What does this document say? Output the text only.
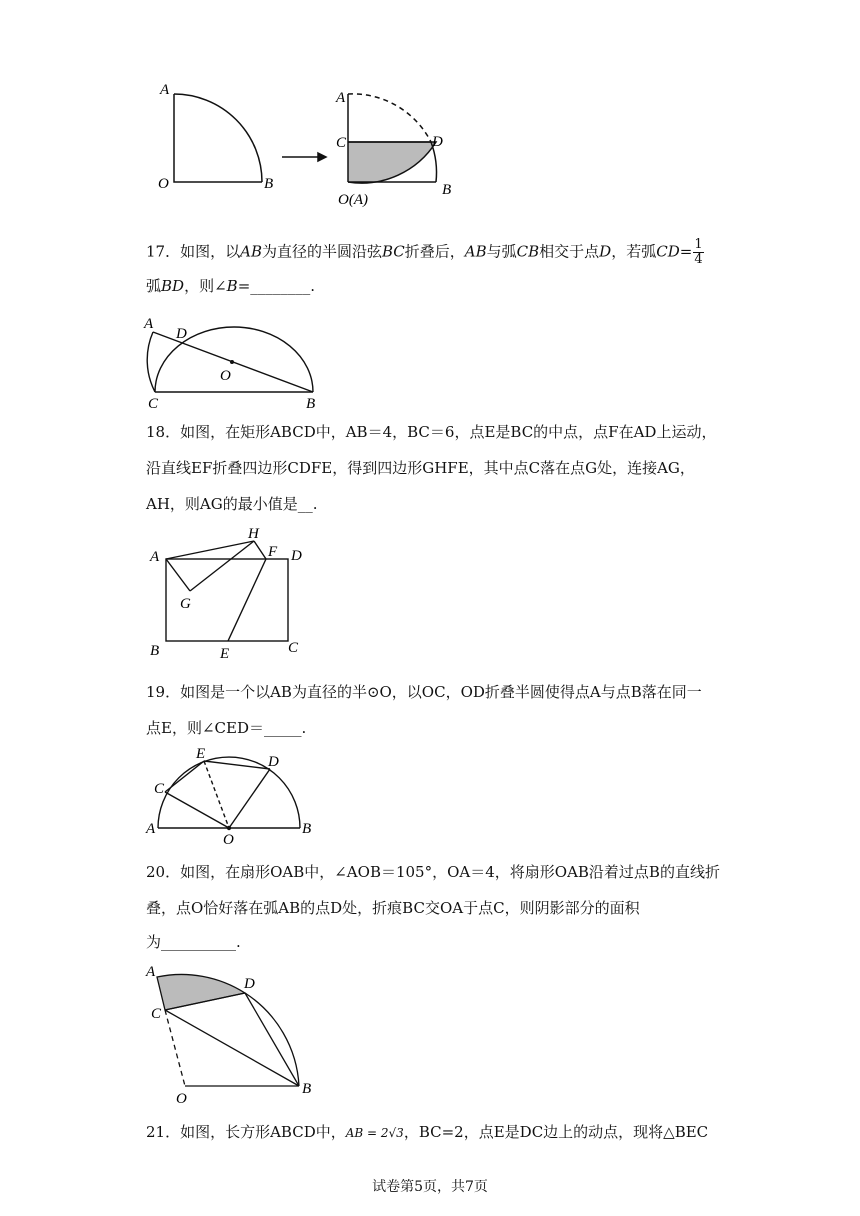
A
O	B
A
C	D
O(A)
B
17．如图，以AB为直径的半圆沿弦BC折叠后，AB与弧CB相交于点D，若弧$CD= \frac{1}{4}$
弧BD，则∠B=________.
A
D
O
C	B
18．如图，在矩形ABCD中，AB＝4，BC＝6，点E是BC的中点，点F在AD上运动，
沿直线EF折叠四边形CDFE，得到四边形GHFE，其中点C落在点G处，连接AG，
AH，则AG的最小值是__.
H
A	F D
G
B	E	C
19．如图是一个以AB为直径的半⊙O，以OC，OD折叠半圆使得点A与点B落在同一
点E，则∠CED＝_____.
E	D
C
A
O
B
20．如图，在扇形OAB中，∠AOB＝105°，OA＝4，将扇形OAB沿着过点B的直线折
叠，点O恰好落在弧AB的点D处，折痕BC交OA于点C，则阴影部分的面积
为__________.
A
D
C
O
B
21．如图，长方形ABCD中，AB = 2√3，BC=2，点E是DC边上的动点，现将△BEC
试卷第5页，共7页
